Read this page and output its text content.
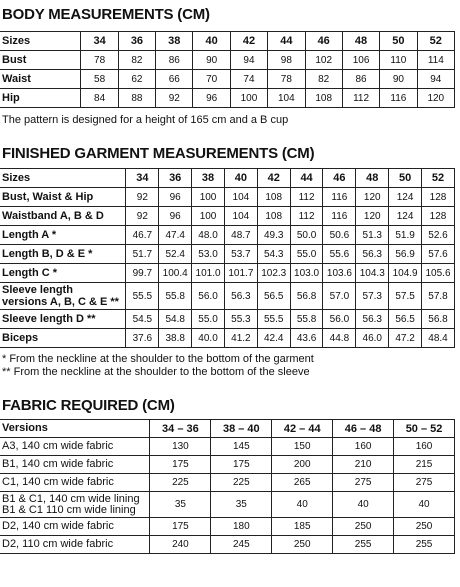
BODY MEASUREMENTS (CM)
Sizes	34	36	38	40	42	44	46	48	50	52
Bust	78	82	86	90	94	98	102	106	110	114
Waist	58	62	66	70	74	78	82	86	90	94
Hip	84	88	92	96	100	104	108	112	116	120
The pattern is designed for a height of 165 cm and a B cup
FINISHED GARMENT MEASUREMENTS (CM)
Sizes	34	36	38	40	42	44	46	48	50	52
Bust, Waist & Hip	92	96	100	104	108	112	116	120	124	128
Waistband A, B & D	92	96	100	104	108	112	116	120	124	128
Length A *	46.7	47.4	48.0	48.7	49.3	50.0	50.6	51.3	51.9	52.6
Length B, D & E *	51.7	52.4	53.0	53.7	54.3	55.0	55.6	56.3	56.9	57.6
Length C *	99.7	100.4	101.0	101.7	102.3	103.0	103.6	104.3	104.9	105.6
Sleeve length
versions A, B, C & E **	55.5	55.8	56.0	56.3	56.5	56.8	57.0	57.3	57.5	57.8
Sleeve length D **	54.5	54.8	55.0	55.3	55.5	55.8	56.0	56.3	56.5	56.8
Biceps	37.6	38.8	40.0	41.2	42.4	43.6	44.8	46.0	47.2	48.4
* From the neckline at the shoulder to the bottom of the garment
** From the neckline at the shoulder to the bottom of the sleeve
FABRIC REQUIRED (CM)
Versions	34 – 36	38 – 40	42 – 44	46 – 48	50 – 52
A3, 140 cm wide fabric	130	145	150	160	160
B1, 140 cm wide fabric	175	175	200	210	215
C1, 140 cm wide fabric	225	225	265	275	275
B1 & C1, 140 cm wide lining
B1 & C1 110 cm wide lining	35	35	40	40	40
D2, 140 cm wide fabric	175	180	185	250	250
D2, 110 cm wide fabric	240	245	250	255	255
